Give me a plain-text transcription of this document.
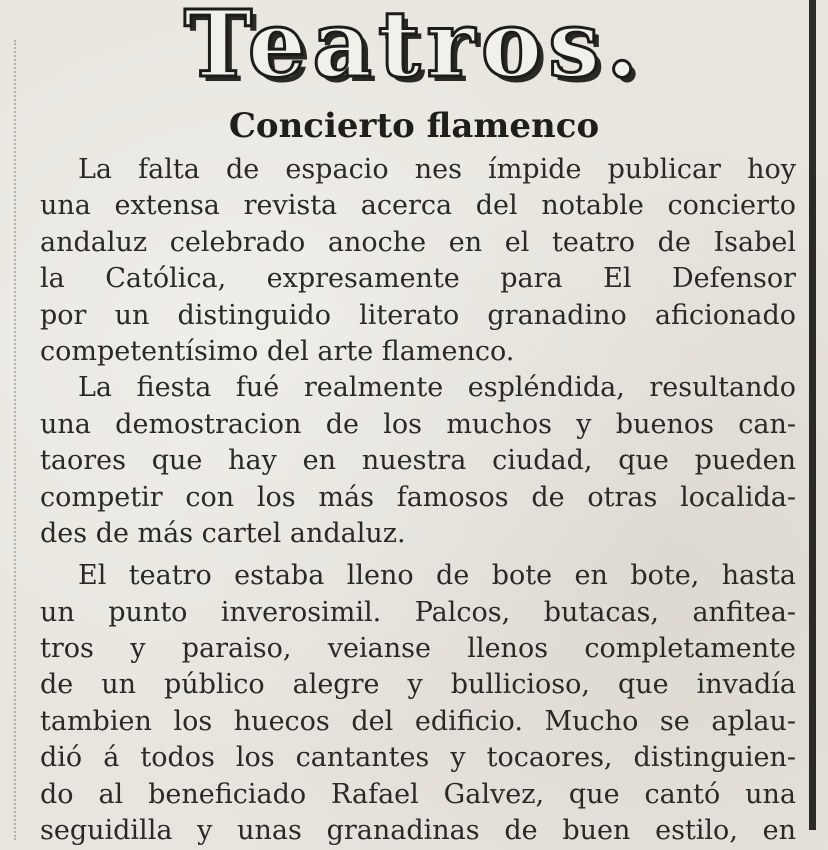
Teatros.
Concierto flamenco
La falta de espacio nes ímpide publicar hoy
una extensa revista acerca del notable concierto
andaluz celebrado anoche en el teatro de Isabel
la Católica, expresamente para El Defensor
por un distinguido literato granadino aficionado
competentísimo del arte flamenco.
La fiesta fué realmente espléndida, resultando
una demostracion de los muchos y buenos can-
taores que hay en nuestra ciudad, que pueden
competir con los más famosos de otras localida-
des de más cartel andaluz.
El teatro estaba lleno de bote en bote, hasta
un punto inverosimil. Palcos, butacas, anfitea-
tros y paraiso, veianse llenos completamente
de un público alegre y bullicioso, que invadía
tambien los huecos del edificio. Mucho se aplau-
dió á todos los cantantes y tocaores, distinguien-
do al beneficiado Rafael Galvez, que cantó una
seguidilla y unas granadinas de buen estilo, en
